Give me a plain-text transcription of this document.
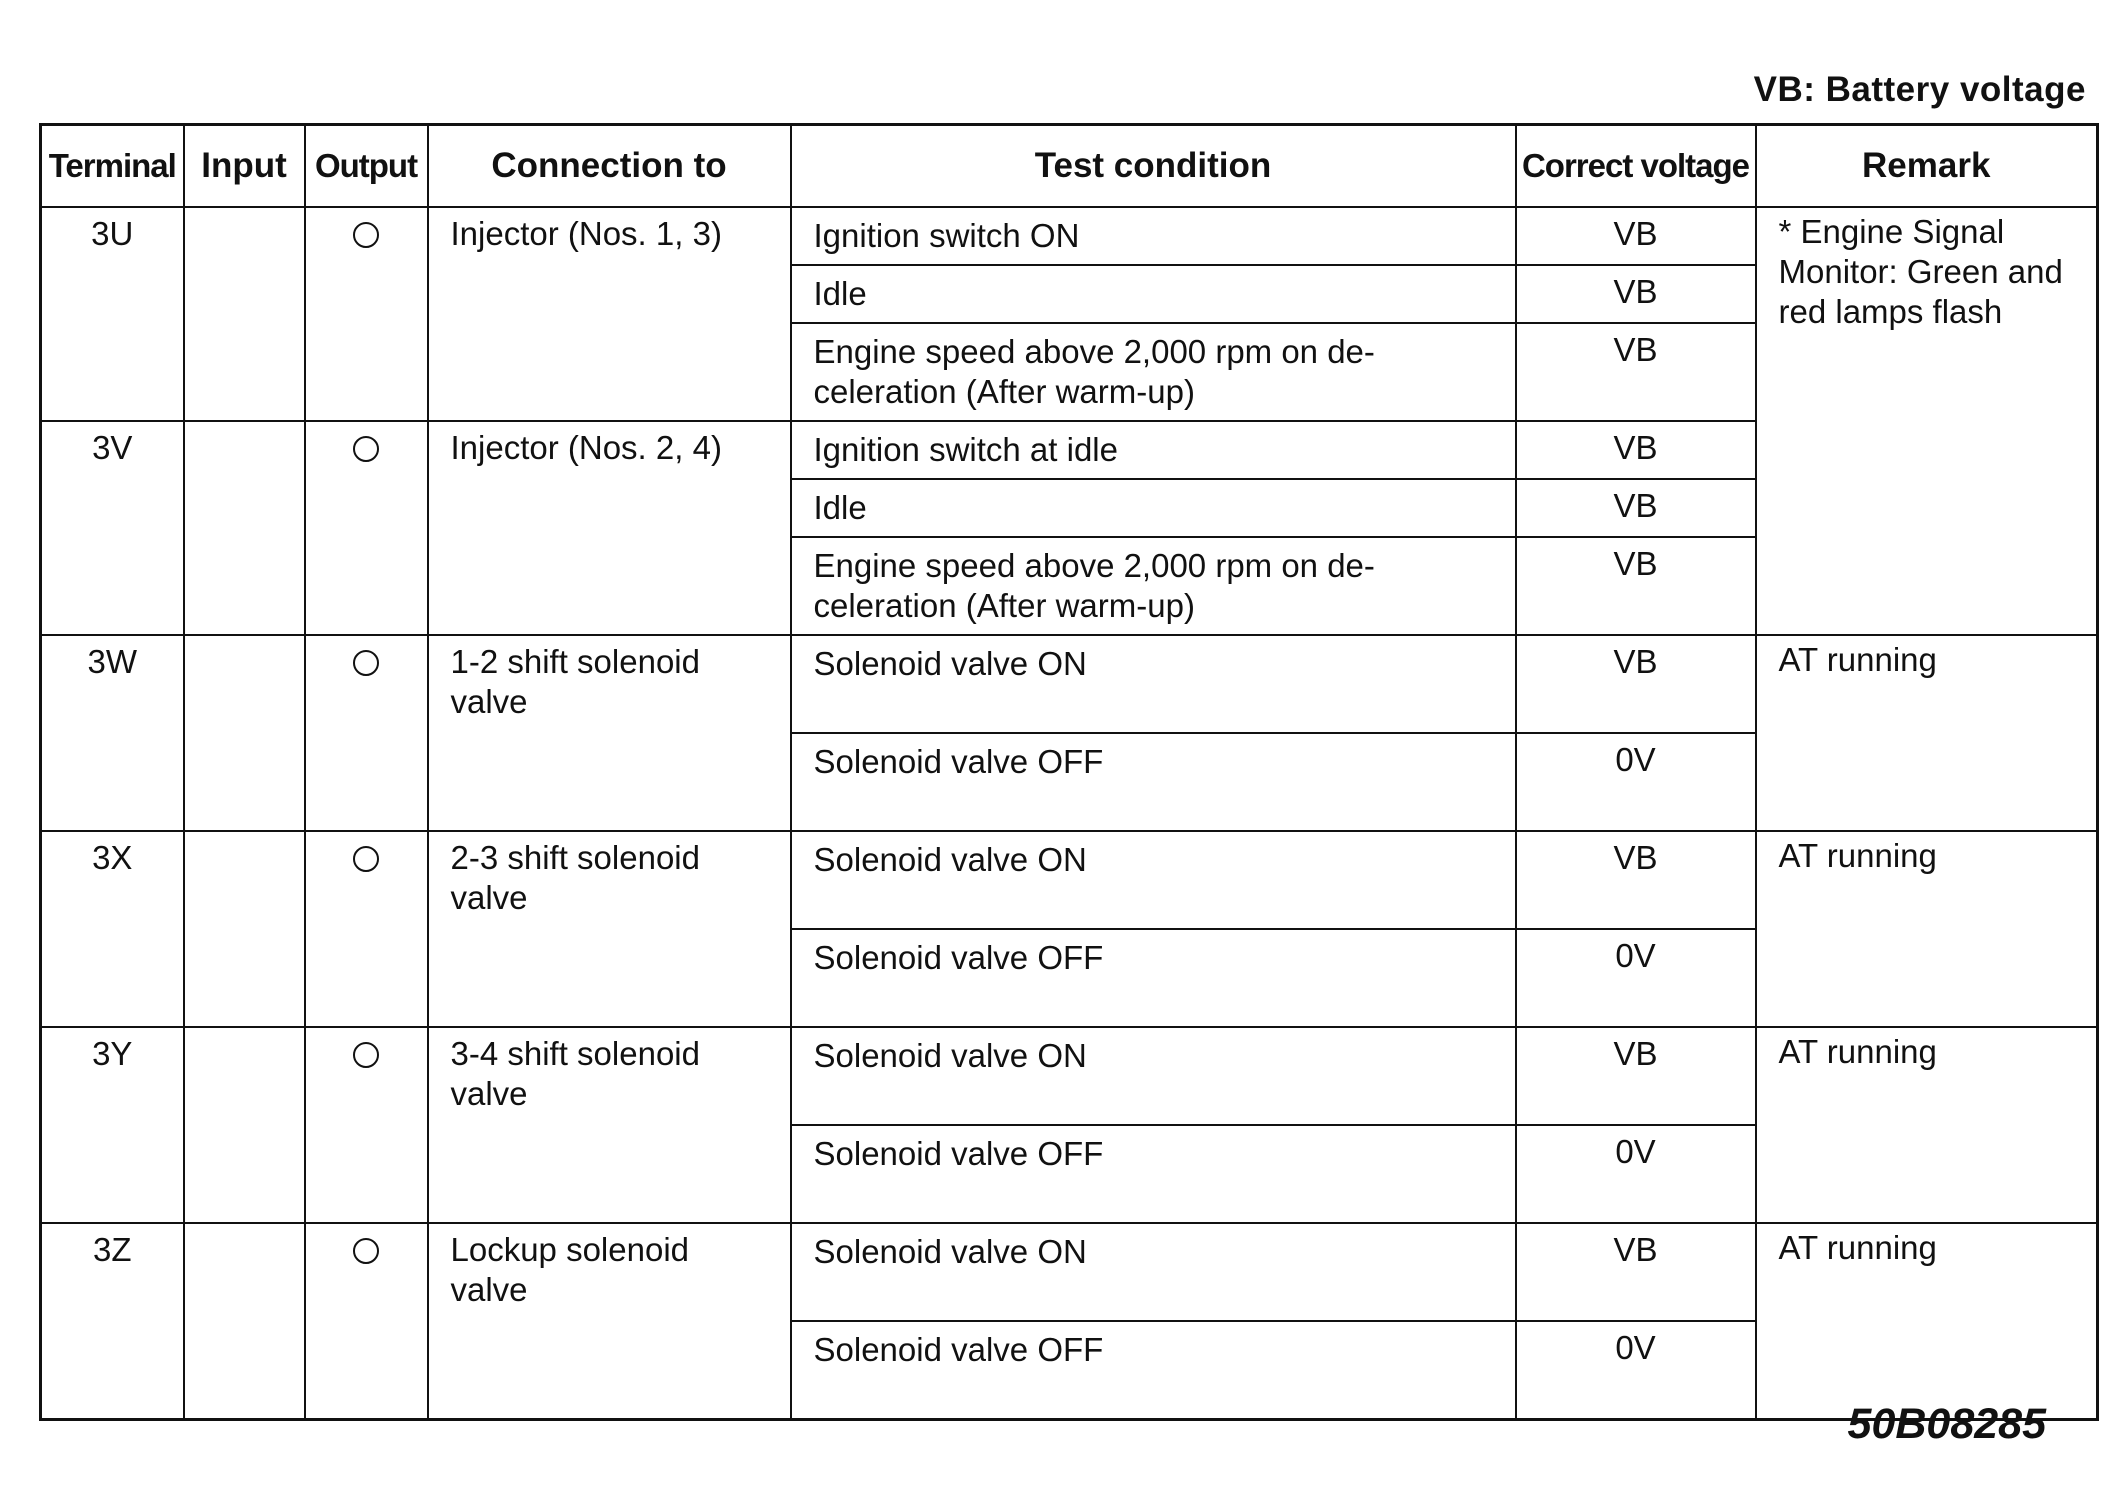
VB: Battery voltage
Terminal	Input	Output	Connection to	Test condition	Correct voltage	Remark
3U			Injector (Nos. 1, 3)	Ignition switch ON	VB	* Engine Signal Monitor: Green and red lamps flash
				Idle	VB	
				Engine speed above 2,000 rpm on de-celeration (After warm-up)	VB	
3V			Injector (Nos. 2, 4)	Ignition switch at idle	VB	
				Idle	VB	
				Engine speed above 2,000 rpm on de-celeration (After warm-up)	VB	
3W			1-2 shift solenoid valve	Solenoid valve ON	VB	AT running
				Solenoid valve OFF	0V	
3X			2-3 shift solenoid valve	Solenoid valve ON	VB	AT running
				Solenoid valve OFF	0V	
3Y			3-4 shift solenoid valve	Solenoid valve ON	VB	AT running
				Solenoid valve OFF	0V	
3Z			Lockup solenoid valve	Solenoid valve ON	VB	AT running
				Solenoid valve OFF	0V	
50B08285
